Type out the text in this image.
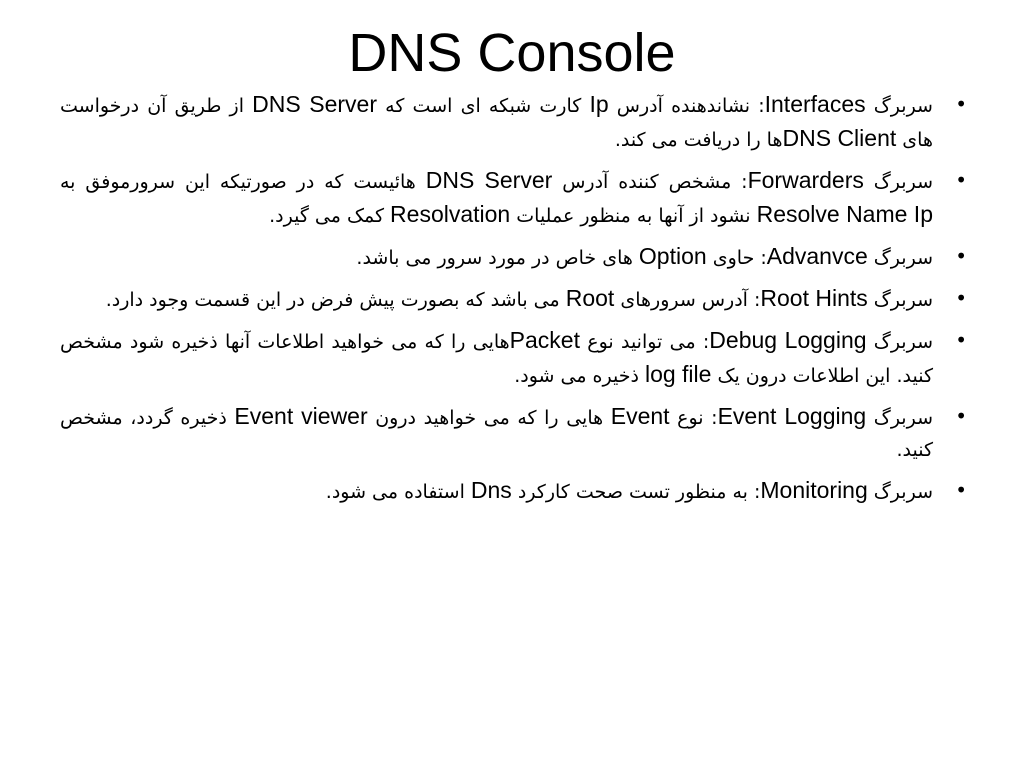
DNS Console
• سربرگ Interfaces: نشاندهنده آدرس Ip کارت شبکه ای است که DNS Server از طریق آن درخواست های DNS Clientها را دریافت می کند.
• سربرگ Forwarders: مشخص کننده آدرس DNS Server هائیست که در صورتیکه این سرورموفق به Resolve Name Ip نشود از آنها به منظور عملیات Resolvation کمک می گیرد.
• سربرگ Advanvce: حاوی Option های خاص در مورد سرور می باشد.
• سربرگ Root Hints: آدرس سرورهای Root می باشد که بصورت پیش فرض در این قسمت وجود دارد.
• سربرگ Debug Logging: می توانید نوع Packetهایی را که می خواهید اطلاعات آنها ذخیره شود مشخص کنید. این اطلاعات درون یک log file ذخیره می شود.
• سربرگ Event Logging: نوع Event هایی را که می خواهید درون Event viewer ذخیره گردد، مشخص کنید.
• سربرگ Monitoring: به منظور تست صحت کارکرد Dns استفاده می شود.
